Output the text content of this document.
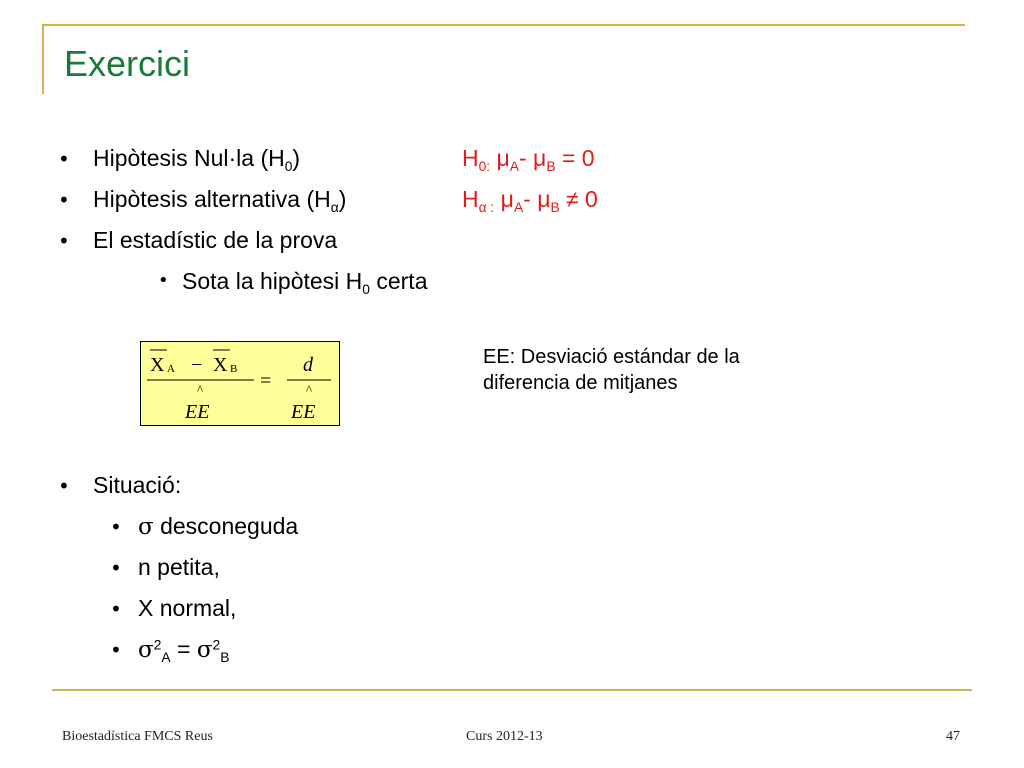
Exercici
• Hipòtesis Nul·la $(H_0)$	$H_{0:}$ $\mu_A-$ $\mu_B = 0$
• Hipòtesis alternativa $(H_\alpha)$	$H_{\alpha :}$ $\mu_A-$ $\mu_B \ne 0$
• El estadístic de la prova
• Sota la hipòtesi $H_0$ certa
• Situació:
• σ desconeguda
• n petita,
• X normal,
• $\sigma^2_A = \sigma^2_B$
X A − X B
^
EE
=
d
^
EE
EE: Desviació estándar de la
diferencia de mitjanes
Bioestadística FMCS Reus	Curs 2012-13	47
